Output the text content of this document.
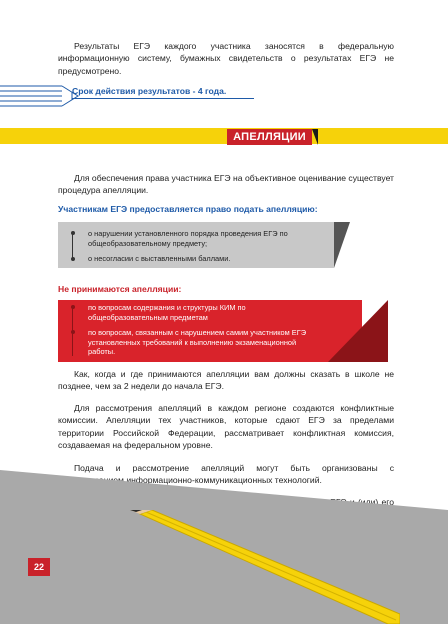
Результаты ЕГЭ каждого участника заносятся в федеральную информационную систему, бумажных свидетельств о результатах ЕГЭ не предусмотрено.

Срок действия результатов - 4 года.
АПЕЛЛЯЦИИ

Для обеспечения права участника ЕГЭ на объективное оценивание существует процедура апелляции.

Участникам ЕГЭ предоставляется право подать апелляцию:
о нарушении установленного порядка проведения ЕГЭ по общеобразовательному предмету;
о несогласии с выставленными баллами.
Не принимаются апелляции:
по вопросам содержания и структуры КИМ по общеобразовательным предметам
по вопросам, связанным с нарушением самим участником ЕГЭ установленных требований к выполнению экзаменационной работы.

Как, когда и где принимаются апелляции вам должны сказать в школе не позднее, чем за 2 недели до начала ЕГЭ.

Для рассмотрения апелляций в каждом регионе создаются конфликтные комиссии. Апелляции тех участников, которые сдают ЕГЭ за пределами территории Российской Федерации, рассматривает конфликтная комиссия, создаваемая на федеральном уровне.

Подача и рассмотрение апелляций могут быть организованы с использованием информационно-коммуникационных технологий.

При рассмотрении апелляции может присутствовать участник ЕГЭ и (или) его

22
